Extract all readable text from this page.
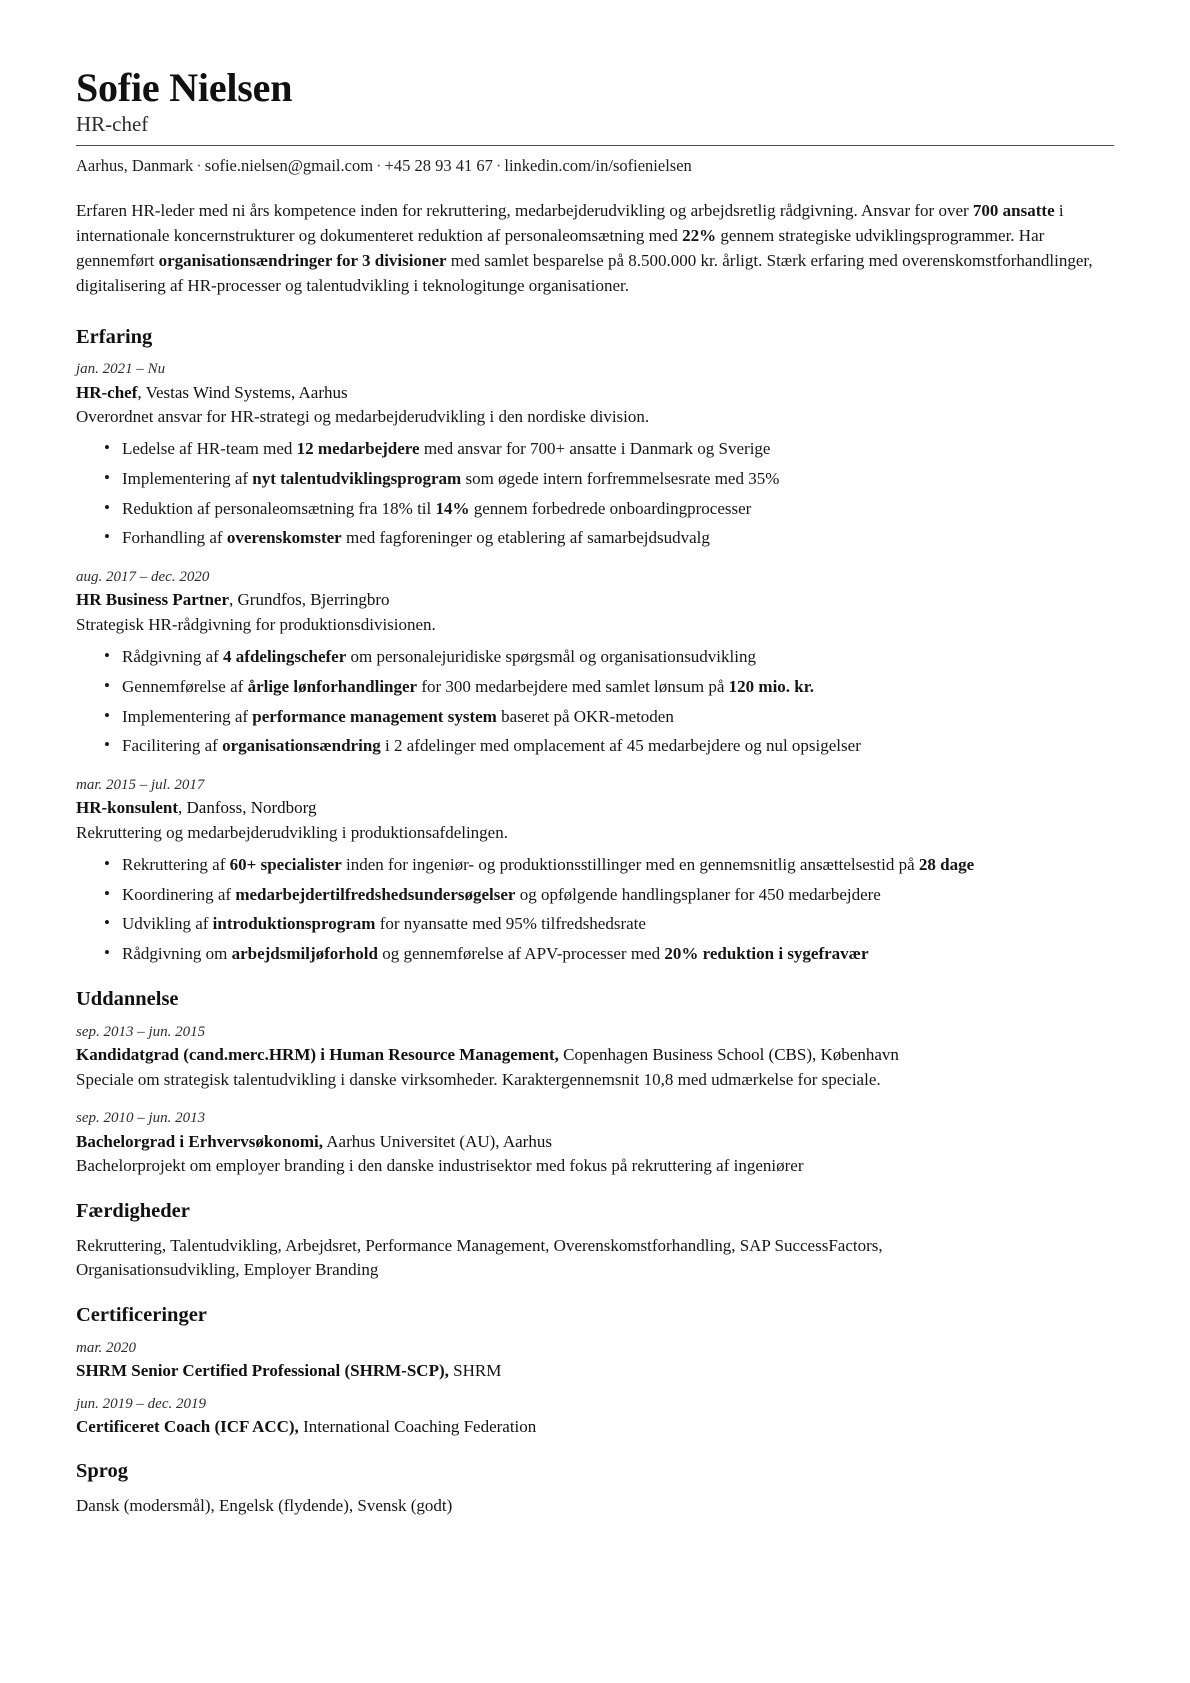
Sofie Nielsen
HR-chef
Aarhus, Danmark · sofie.nielsen@gmail.com · +45 28 93 41 67 · linkedin.com/in/sofienielsen

Erfaren HR-leder med ni års kompetence inden for rekruttering, medarbejderudvikling og arbejdsretlig rådgivning. Ansvar for over 700 ansatte i internationale koncernstrukturer og dokumenteret reduktion af personaleomsætning med 22% gennem strategiske udviklingsprogrammer. Har gennemført organisationsændringer for 3 divisioner med samlet besparelse på 8.500.000 kr. årligt. Stærk erfaring med overenskomstforhandlinger, digitalisering af HR-processer og talentudvikling i teknologitunge organisationer.

Erfaring
jan. 2021 – Nu
HR-chef, Vestas Wind Systems, Aarhus
Overordnet ansvar for HR-strategi og medarbejderudvikling i den nordiske division.
• Ledelse af HR-team med 12 medarbejdere med ansvar for 700+ ansatte i Danmark og Sverige
• Implementering af nyt talentudviklingsprogram som øgede intern forfremmelsesrate med 35%
• Reduktion af personaleomsætning fra 18% til 14% gennem forbedrede onboardingprocesser
• Forhandling af overenskomster med fagforeninger og etablering af samarbejdsudvalg
aug. 2017 – dec. 2020
HR Business Partner, Grundfos, Bjerringbro
Strategisk HR-rådgivning for produktionsdivisionen.
• Rådgivning af 4 afdelingschefer om personalejuridiske spørgsmål og organisationsudvikling
• Gennemførelse af årlige lønforhandlinger for 300 medarbejdere med samlet lønsum på 120 mio. kr.
• Implementering af performance management system baseret på OKR-metoden
• Facilitering af organisationsændring i 2 afdelinger med omplacement af 45 medarbejdere og nul opsigelser
mar. 2015 – jul. 2017
HR-konsulent, Danfoss, Nordborg
Rekruttering og medarbejderudvikling i produktionsafdelingen.
• Rekruttering af 60+ specialister inden for ingeniør- og produktionsstillinger med en gennemsnitlig ansættelsestid på 28 dage
• Koordinering af medarbejdertilfredshedsundersøgelser og opfølgende handlingsplaner for 450 medarbejdere
• Udvikling af introduktionsprogram for nyansatte med 95% tilfredshedsrate
• Rådgivning om arbejdsmiljøforhold og gennemførelse af APV-processer med 20% reduktion i sygefravær
Uddannelse
sep. 2013 – jun. 2015
Kandidatgrad (cand.merc.HRM) i Human Resource Management, Copenhagen Business School (CBS), København
Speciale om strategisk talentudvikling i danske virksomheder. Karaktergennemsnit 10,8 med udmærkelse for speciale.
sep. 2010 – jun. 2013
Bachelorgrad i Erhvervsøkonomi, Aarhus Universitet (AU), Aarhus
Bachelorprojekt om employer branding i den danske industrisektor med fokus på rekruttering af ingeniører
Færdigheder
Rekruttering, Talentudvikling, Arbejdsret, Performance Management, Overenskomstforhandling, SAP SuccessFactors, Organisationsudvikling, Employer Branding
Certificeringer
mar. 2020
SHRM Senior Certified Professional (SHRM-SCP), SHRM
jun. 2019 – dec. 2019
Certificeret Coach (ICF ACC), International Coaching Federation
Sprog
Dansk (modersmål), Engelsk (flydende), Svensk (godt)
